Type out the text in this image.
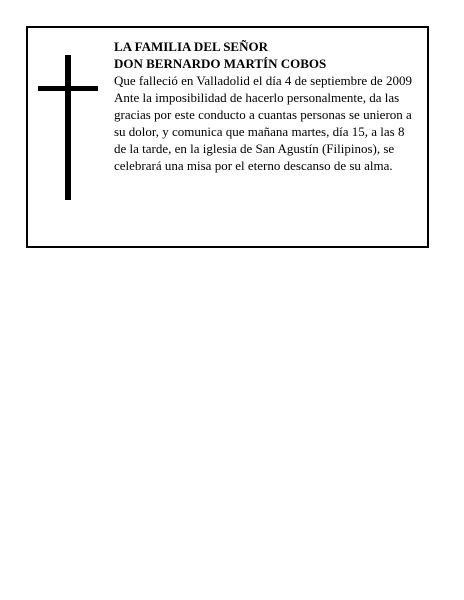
LA FAMILIA DEL SEÑOR

DON BERNARDO MARTÍN COBOS

Que falleció en Valladolid el día 4 de septiembre de 2009

Ante la imposibilidad de hacerlo personalmente, da las gracias por este conducto a cuantas personas se unieron a su dolor, y comunica que mañana martes, día 15, a las 8 de la tarde, en la iglesia de San Agustín (Filipinos), se celebrará una misa por el eterno descanso de su alma.
